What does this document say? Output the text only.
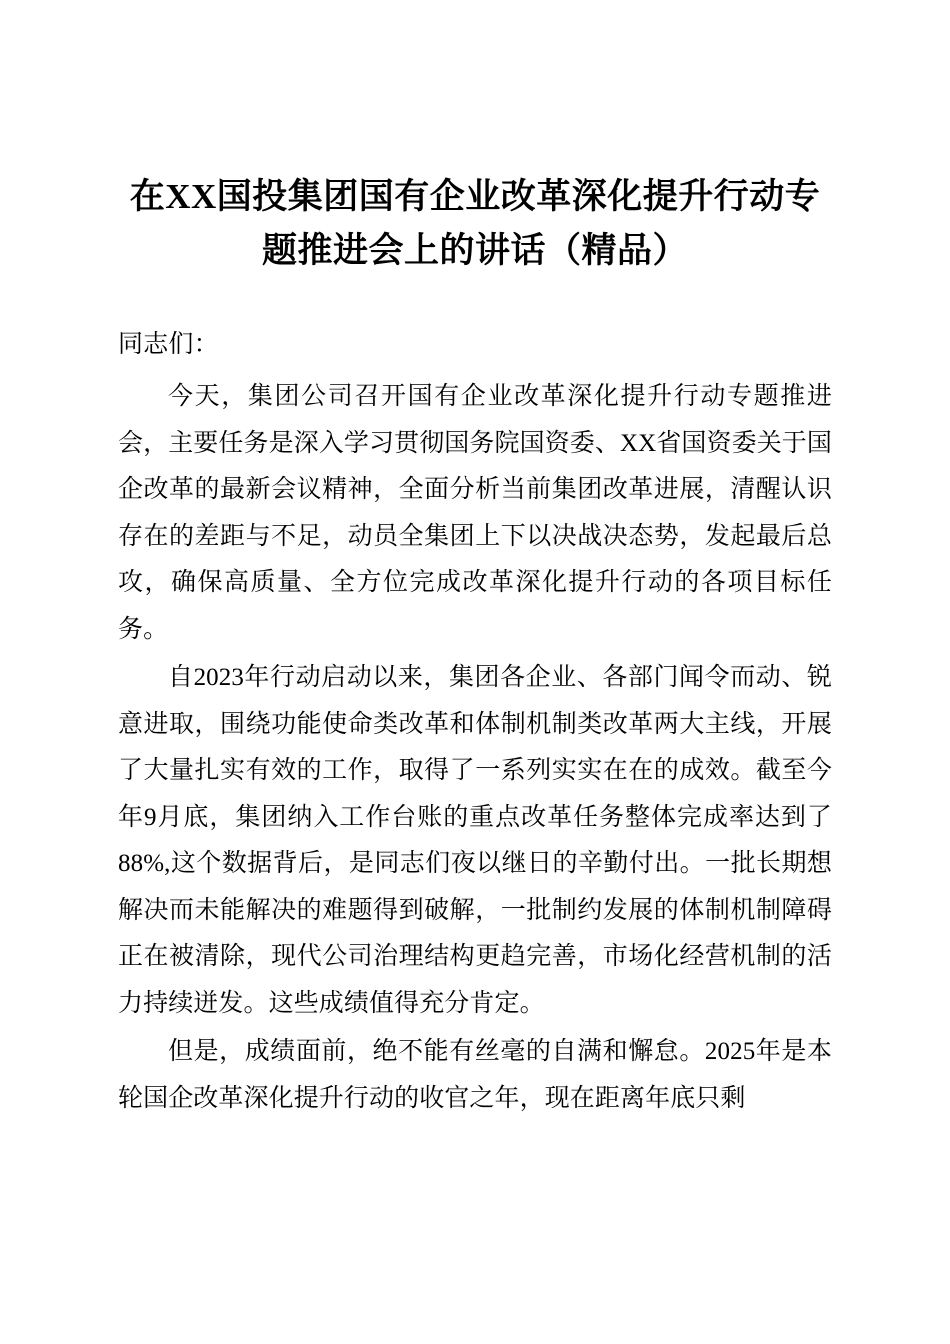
在XX国投集团国有企业改革深化提升行动专题推进会上的讲话（精品）

同志们：

今天，集团公司召开国有企业改革深化提升行动专题推进会，主要任务是深入学习贯彻国务院国资委、XX省国资委关于国企改革的最新会议精神，全面分析当前集团改革进展，清醒认识存在的差距与不足，动员全集团上下以决战决态势，发起最后总攻，确保高质量、全方位完成改革深化提升行动的各项目标任务。

自2023年行动启动以来，集团各企业、各部门闻令而动、锐意进取，围绕功能使命类改革和体制机制类改革两大主线，开展了大量扎实有效的工作，取得了一系列实实在在的成效。截至今年9月底，集团纳入工作台账的重点改革任务整体完成率达到了88%,这个数据背后，是同志们夜以继日的辛勤付出。一批长期想解决而未能解决的难题得到破解，一批制约发展的体制机制障碍正在被清除，现代公司治理结构更趋完善，市场化经营机制的活力持续迸发。这些成绩值得充分肯定。

但是，成绩面前，绝不能有丝毫的自满和懈怠。2025年是本轮国企改革深化提升行动的收官之年，现在距离年底只剩
